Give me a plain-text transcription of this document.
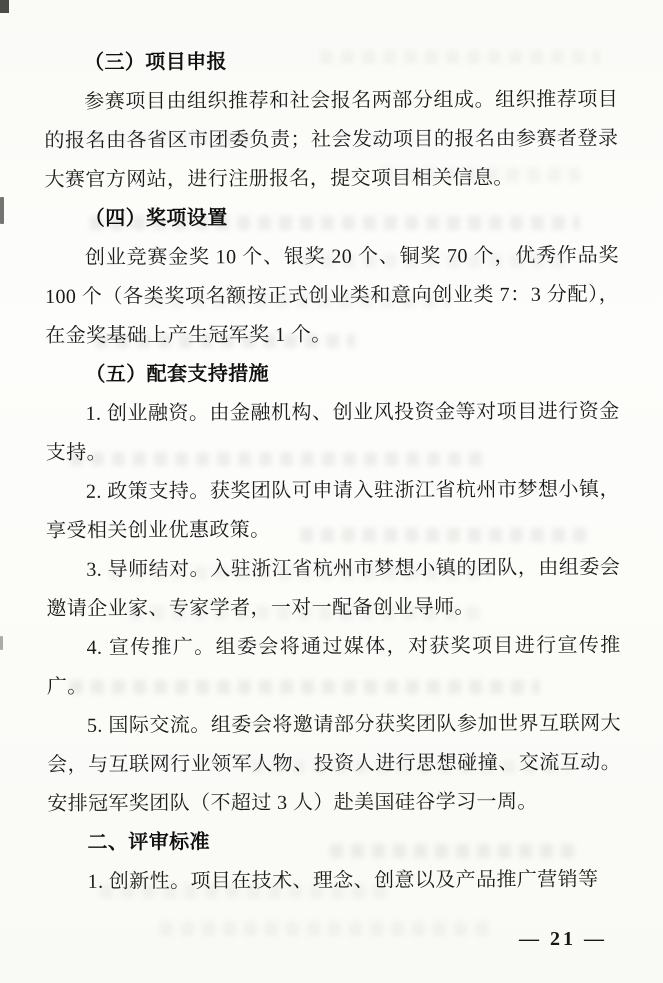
（三）项目申报

参赛项目由组织推荐和社会报名两部分组成。组织推荐项目的报名由各省区市团委负责；社会发动项目的报名由参赛者登录大赛官方网站，进行注册报名，提交项目相关信息。

（四）奖项设置

创业竞赛金奖 10 个、银奖 20 个、铜奖 70 个，优秀作品奖 100 个（各类奖项名额按正式创业类和意向创业类 7：3 分配），在金奖基础上产生冠军奖 1 个。

（五）配套支持措施

1. 创业融资。由金融机构、创业风投资金等对项目进行资金支持。

2. 政策支持。获奖团队可申请入驻浙江省杭州市梦想小镇，享受相关创业优惠政策。

3. 导师结对。入驻浙江省杭州市梦想小镇的团队，由组委会邀请企业家、专家学者，一对一配备创业导师。

4. 宣传推广。组委会将通过媒体，对获奖项目进行宣传推广。

5. 国际交流。组委会将邀请部分获奖团队参加世界互联网大会，与互联网行业领军人物、投资人进行思想碰撞、交流互动。安排冠军奖团队（不超过 3 人）赴美国硅谷学习一周。

二、评审标准

1. 创新性。项目在技术、理念、创意以及产品推广营销等

— 21 —
